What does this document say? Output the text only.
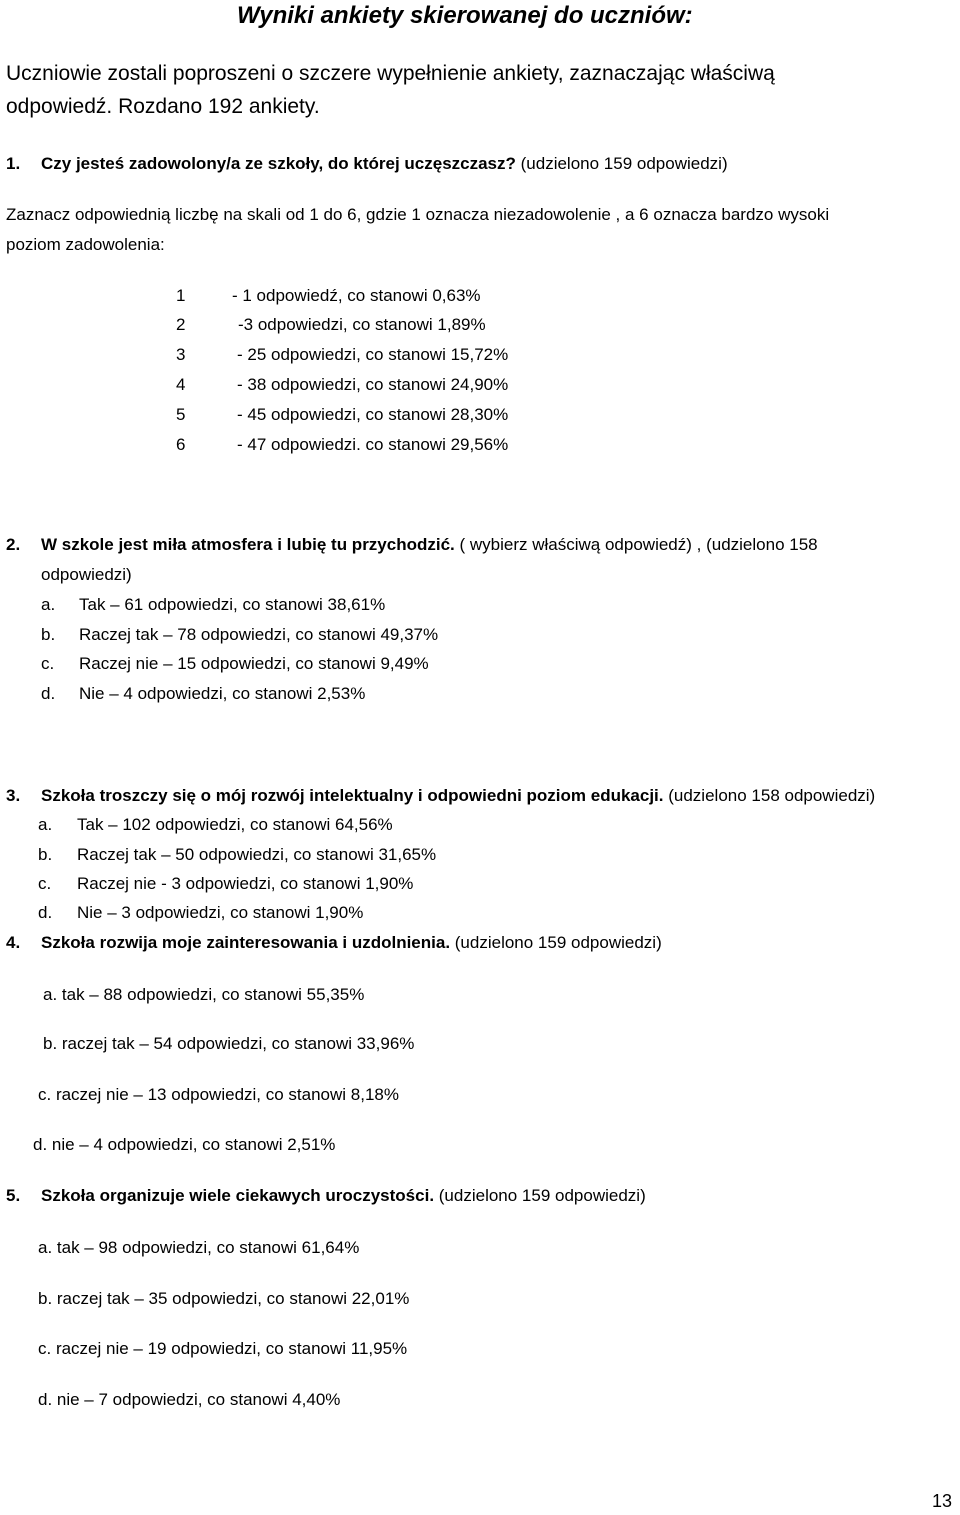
Wyniki ankiety skierowanej do uczniów:
Uczniowie zostali poproszeni o szczere wypełnienie ankiety, zaznaczając właściwą
odpowiedź. Rozdano 192 ankiety.
1. Czy jesteś zadowolony/a ze szkoły, do której uczęszczasz? (udzielono 159 odpowiedzi)
Zaznacz odpowiednią liczbę na skali od 1 do 6, gdzie 1 oznacza niezadowolenie , a 6 oznacza bardzo wysoki
poziom zadowolenia:
1	- 1 odpowiedź, co stanowi 0,63%
2	-3 odpowiedzi, co stanowi 1,89%
3	- 25 odpowiedzi, co stanowi 15,72%
4	- 38 odpowiedzi, co stanowi 24,90%
5	- 45 odpowiedzi, co stanowi 28,30%
6	- 47 odpowiedzi. co stanowi 29,56%
2. W szkole jest miła atmosfera i lubię tu przychodzić. ( wybierz właściwą odpowiedź) , (udzielono 158
odpowiedzi)
a. Tak – 61 odpowiedzi, co stanowi 38,61%
b. Raczej tak – 78 odpowiedzi, co stanowi 49,37%
c. Raczej nie – 15 odpowiedzi, co stanowi 9,49%
d. Nie – 4 odpowiedzi, co stanowi 2,53%
3. Szkoła troszczy się o mój rozwój intelektualny i odpowiedni poziom edukacji. (udzielono 158 odpowiedzi)
a. Tak – 102 odpowiedzi, co stanowi 64,56%
b. Raczej tak – 50 odpowiedzi, co stanowi 31,65%
c. Raczej nie - 3 odpowiedzi, co stanowi 1,90%
d. Nie – 3 odpowiedzi, co stanowi 1,90%
4. Szkoła rozwija moje zainteresowania i uzdolnienia. (udzielono 159 odpowiedzi)
a. tak – 88 odpowiedzi, co stanowi 55,35%
b. raczej tak – 54 odpowiedzi, co stanowi 33,96%
c. raczej nie – 13 odpowiedzi, co stanowi 8,18%
d. nie – 4 odpowiedzi, co stanowi 2,51%
5. Szkoła organizuje wiele ciekawych uroczystości. (udzielono 159 odpowiedzi)
a. tak – 98 odpowiedzi, co stanowi 61,64%
b. raczej tak – 35 odpowiedzi, co stanowi 22,01%
c. raczej nie – 19 odpowiedzi, co stanowi 11,95%
d. nie – 7 odpowiedzi, co stanowi 4,40%
13
